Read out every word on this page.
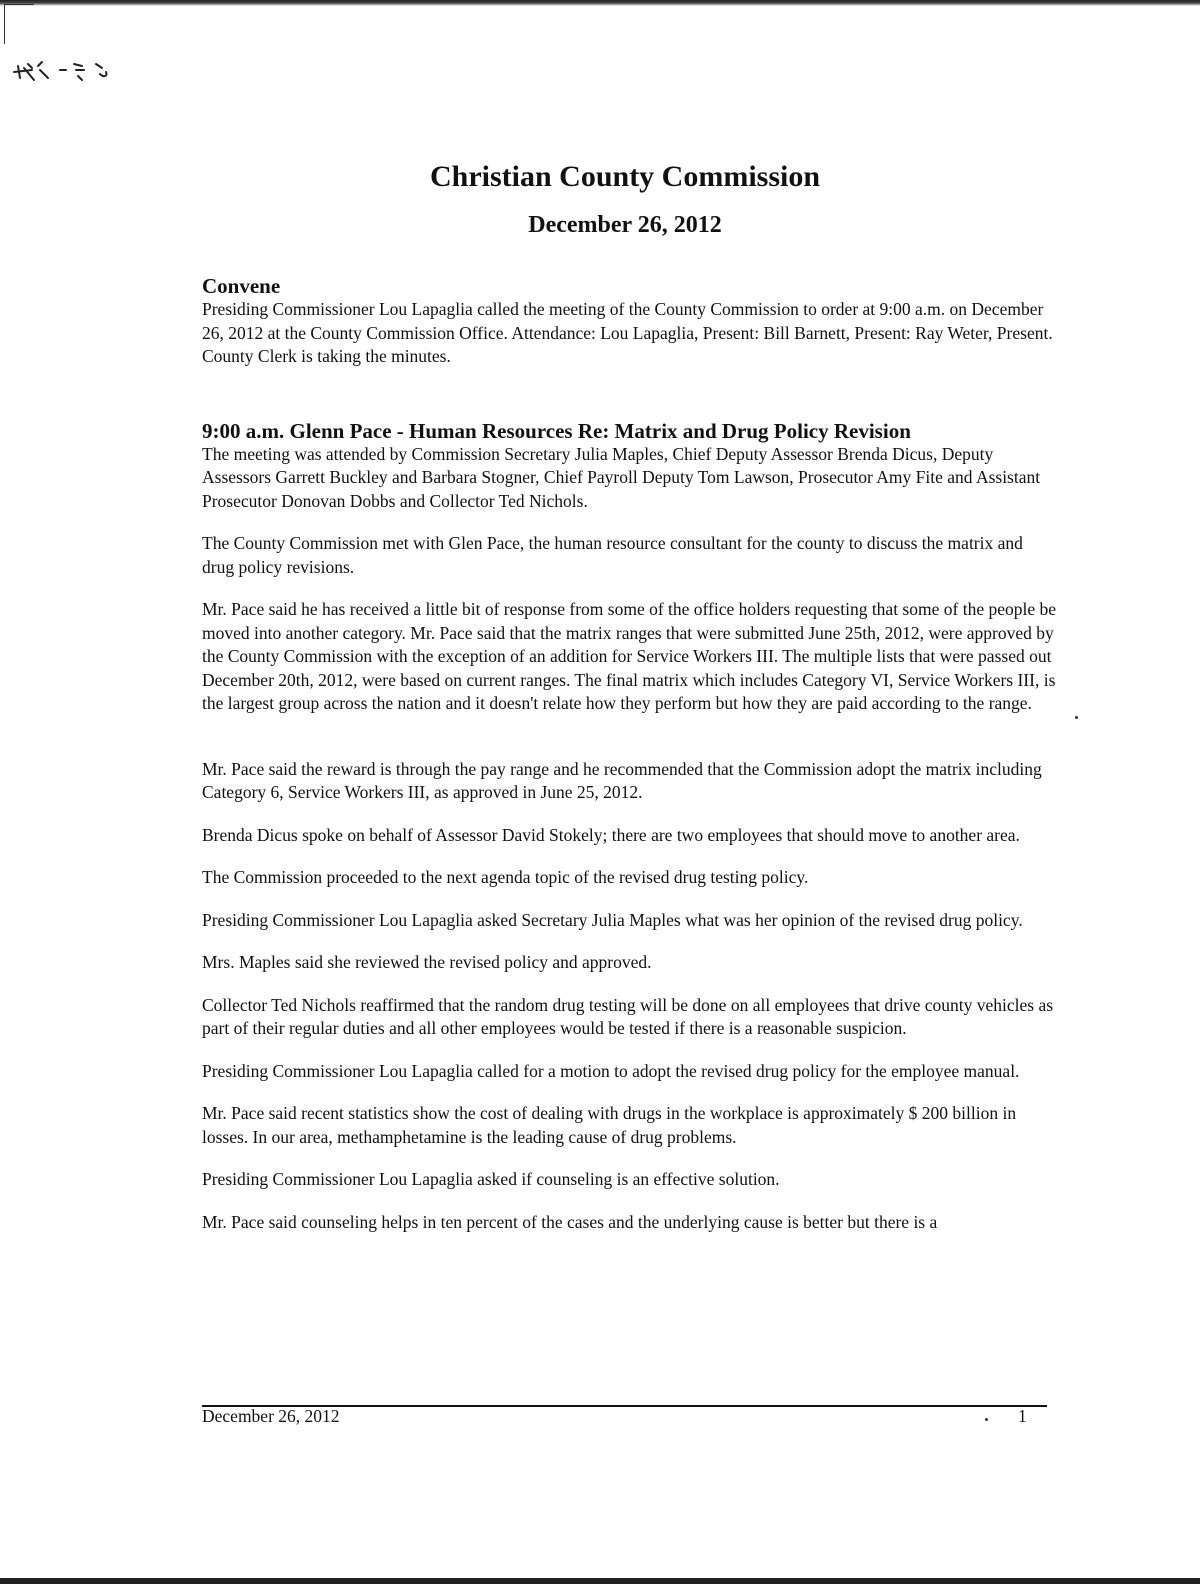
Christian County Commission
December 26, 2012
Convene

Presiding Commissioner Lou Lapaglia called the meeting of the County Commission to order at 9:00 a.m. on December 26, 2012 at the County Commission Office. Attendance: Lou Lapaglia, Present: Bill Barnett, Present: Ray Weter, Present. County Clerk is taking the minutes.

9:00 a.m. Glenn Pace - Human Resources Re: Matrix and Drug Policy Revision

The meeting was attended by Commission Secretary Julia Maples, Chief Deputy Assessor Brenda Dicus, Deputy Assessors Garrett Buckley and Barbara Stogner, Chief Payroll Deputy Tom Lawson, Prosecutor Amy Fite and Assistant Prosecutor Donovan Dobbs and Collector Ted Nichols.

The County Commission met with Glen Pace, the human resource consultant for the county to discuss the matrix and drug policy revisions.

Mr. Pace said he has received a little bit of response from some of the office holders requesting that some of the people be moved into another category. Mr. Pace said that the matrix ranges that were submitted June 25th, 2012, were approved by the County Commission with the exception of an addition for Service Workers III. The multiple lists that were passed out December 20th, 2012, were based on current ranges. The final matrix which includes Category VI, Service Workers III, is the largest group across the nation and it doesn't relate how they perform but how they are paid according to the range.

Mr. Pace said the reward is through the pay range and he recommended that the Commission adopt the matrix including Category 6, Service Workers III, as approved in June 25, 2012.

Brenda Dicus spoke on behalf of Assessor David Stokely; there are two employees that should move to another area.

The Commission proceeded to the next agenda topic of the revised drug testing policy.

Presiding Commissioner Lou Lapaglia asked Secretary Julia Maples what was her opinion of the revised drug policy.

Mrs. Maples said she reviewed the revised policy and approved.

Collector Ted Nichols reaffirmed that the random drug testing will be done on all employees that drive county vehicles as part of their regular duties and all other employees would be tested if there is a reasonable suspicion.

Presiding Commissioner Lou Lapaglia called for a motion to adopt the revised drug policy for the employee manual.

Mr. Pace said recent statistics show the cost of dealing with drugs in the workplace is approximately $ 200 billion in losses. In our area, methamphetamine is the leading cause of drug problems.

Presiding Commissioner Lou Lapaglia asked if counseling is an effective solution.

Mr. Pace said counseling helps in ten percent of the cases and the underlying cause is better but there is a

December 26, 2012	1
